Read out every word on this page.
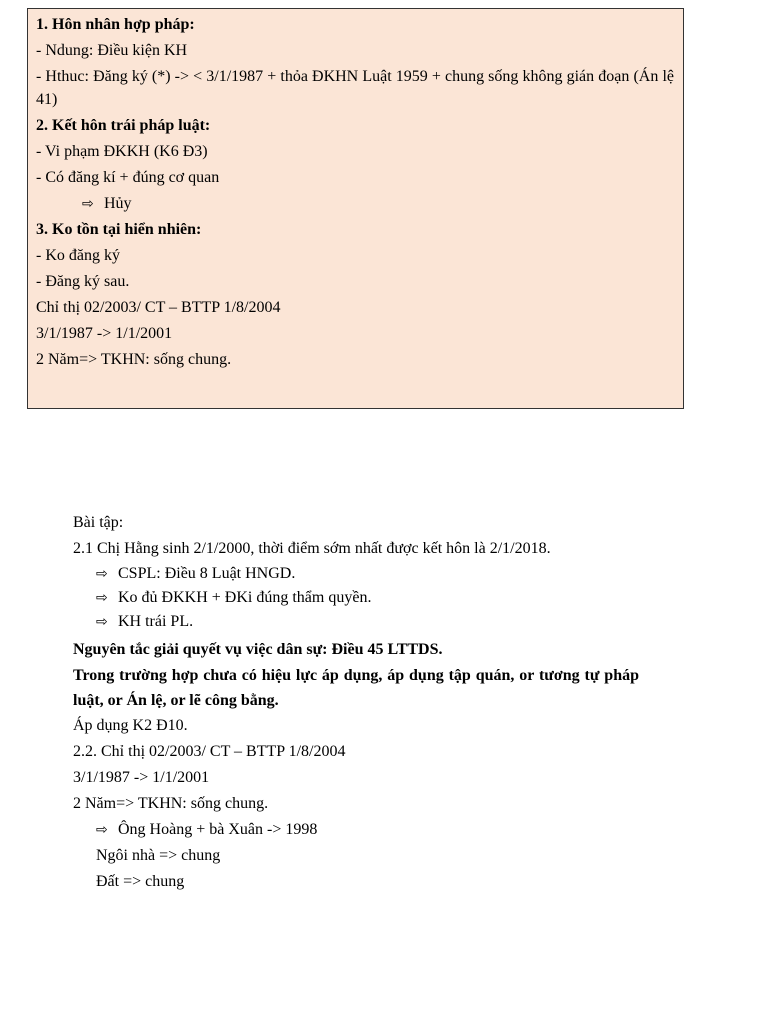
1. Hôn nhân hợp pháp:
- Ndung: Điều kiện KH
- Hthuc: Đăng ký (*) -> < 3/1/1987 + thỏa ĐKHN Luật 1959 + chung sống không gián đoạn (Án lệ 41)
2. Kết hôn trái pháp luật:
- Vi phạm ĐKKH (K6 Đ3)
- Có đăng kí + đúng cơ quan
⇨ Hủy
3. Ko tồn tại hiển nhiên:
- Ko đăng ký
- Đăng ký sau.
Chỉ thị 02/2003/ CT – BTTP 1/8/2004
3/1/1987 -> 1/1/2001
2 Năm=> TKHN: sống chung.
Bài tập:
2.1 Chị Hằng sinh 2/1/2000, thời điểm sớm nhất được kết hôn là 2/1/2018.
⇨ CSPL: Điều 8 Luật HNGD.
⇨ Ko đủ ĐKKH + ĐKi đúng thẩm quyền.
⇨ KH trái PL.
Nguyên tắc giải quyết vụ việc dân sự: Điều 45 LTTDS.
Trong trường hợp chưa có hiệu lực áp dụng, áp dụng tập quán, or tương tự pháp luật, or Án lệ, or lẽ công bằng.
Áp dụng K2 Đ10.
2.2. Chỉ thị 02/2003/ CT – BTTP 1/8/2004
3/1/1987 -> 1/1/2001
2 Năm=> TKHN: sống chung.
⇨ Ông Hoàng + bà Xuân -> 1998
Ngôi nhà => chung
Đất => chung
